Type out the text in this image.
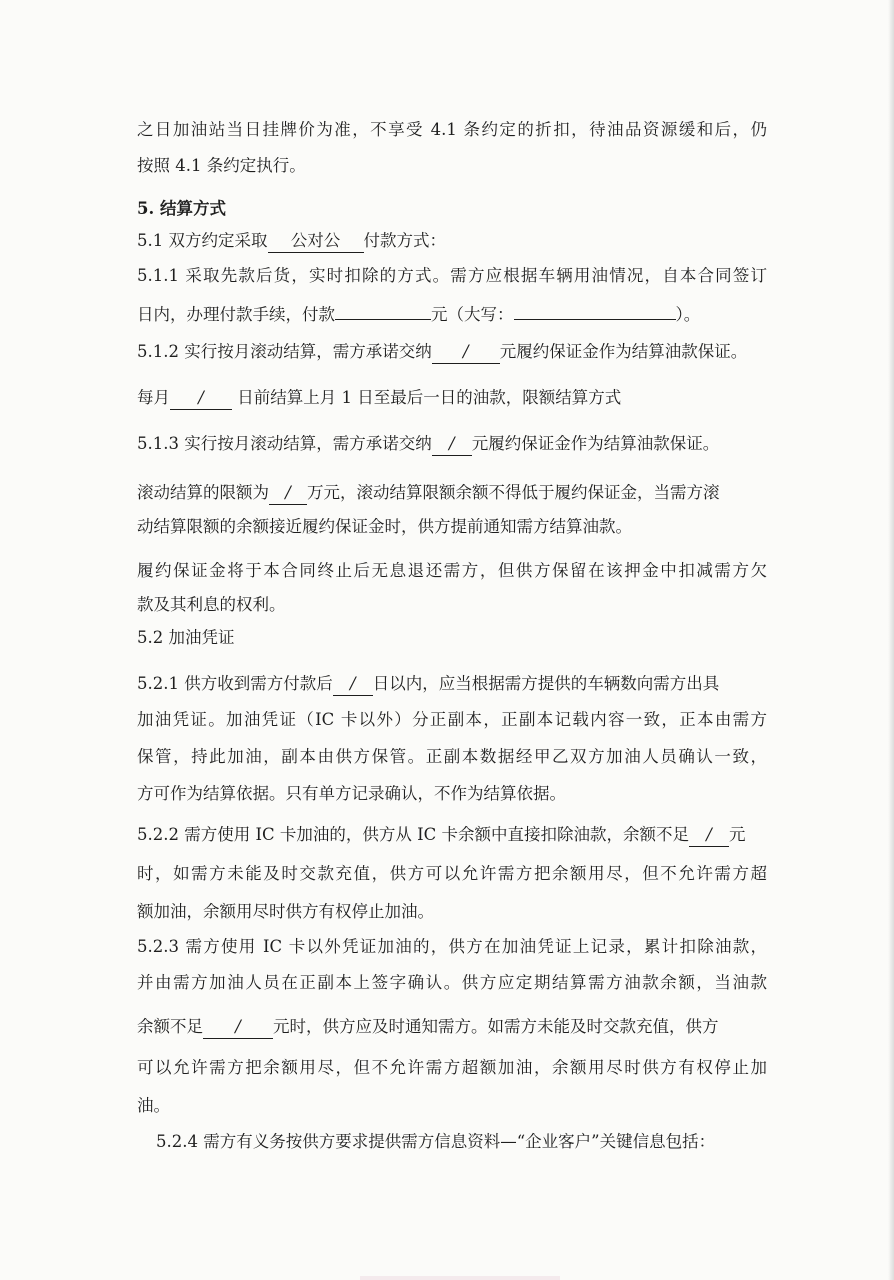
之日加油站当日挂牌价为准，不享受 4.1 条约定的折扣，待油品资源缓和后，仍
按照 4.1 条约定执行。
5. 结算方式
5.1 双方约定采取 公对公 付款方式：
5.1.1 采取先款后货，实时扣除的方式。需方应根据车辆用油情况，自本合同签订
日内，办理付款手续，付款	元（大写：	）。
5.1.2 实行按月滚动结算，需方承诺交纳 / 元履约保证金作为结算油款保证。
每月 / 日前结算上月 1 日至最后一日的油款，限额结算方式
5.1.3 实行按月滚动结算，需方承诺交纳 / 元履约保证金作为结算油款保证。
滚动结算的限额为 / 万元，滚动结算限额余额不得低于履约保证金，当需方滚
动结算限额的余额接近履约保证金时，供方提前通知需方结算油款。
履约保证金将于本合同终止后无息退还需方，但供方保留在该押金中扣减需方欠
款及其利息的权利。
5.2 加油凭证
5.2.1 供方收到需方付款后 / 日以内，应当根据需方提供的车辆数向需方出具
加油凭证。加油凭证（IC 卡以外）分正副本，正副本记载内容一致，正本由需方
保管，持此加油，副本由供方保管。正副本数据经甲乙双方加油人员确认一致，
方可作为结算依据。只有单方记录确认，不作为结算依据。
5.2.2 需方使用 IC 卡加油的，供方从 IC 卡余额中直接扣除油款，余额不足 / 元
时，如需方未能及时交款充值，供方可以允许需方把余额用尽，但不允许需方超
额加油，余额用尽时供方有权停止加油。
5.2.3 需方使用 IC 卡以外凭证加油的，供方在加油凭证上记录，累计扣除油款，
并由需方加油人员在正副本上签字确认。供方应定期结算需方油款余额，当油款
余额不足 / 元时，供方应及时通知需方。如需方未能及时交款充值，供方
可以允许需方把余额用尽，但不允许需方超额加油，余额用尽时供方有权停止加
油。
5.2.4 需方有义务按供方要求提供需方信息资料—“企业客户”关键信息包括：
